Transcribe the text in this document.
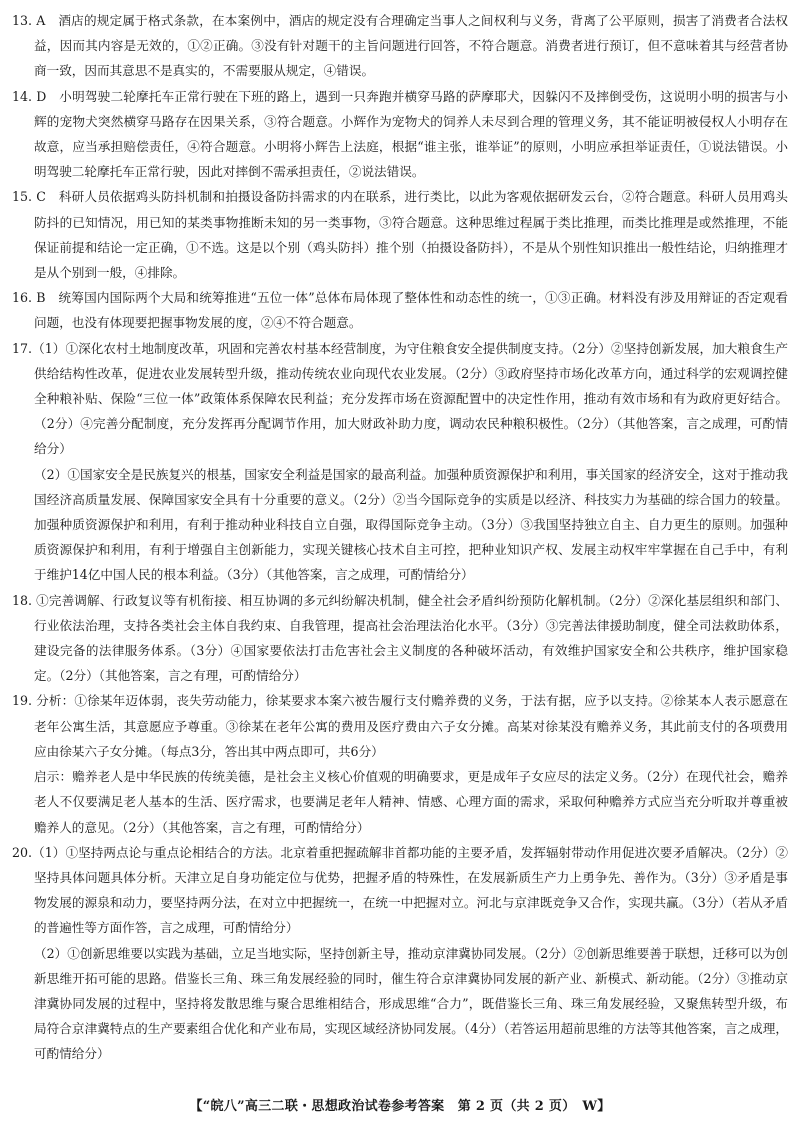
13. A　酒店的规定属于格式条款，在本案例中，酒店的规定没有合理确定当事人之间权利与义务，背离了公平原则，损害了消费者合法权益，因而其内容是无效的，①②正确。③没有针对题干的主旨问题进行回答，不符合题意。消费者进行预订，但不意味着其与经营者协商一致，因而其意思不是真实的，不需要服从规定，④错误。

14. D　小明驾驶二轮摩托车正常行驶在下班的路上，遇到一只奔跑并横穿马路的萨摩耶犬，因躲闪不及摔倒受伤，这说明小明的损害与小辉的宠物犬突然横穿马路存在因果关系，③符合题意。小辉作为宠物犬的饲养人未尽到合理的管理义务，其不能证明被侵权人小明存在故意，应当承担赔偿责任，④符合题意。小明将小辉告上法庭，根据“谁主张，谁举证”的原则，小明应承担举证责任，①说法错误。小明驾驶二轮摩托车正常行驶，因此对摔倒不需承担责任，②说法错误。

15. C　科研人员依据鸡头防抖机制和拍摄设备防抖需求的内在联系，进行类比，以此为客观依据研发云台，②符合题意。科研人员用鸡头防抖的已知情况，用已知的某类事物推断未知的另一类事物，③符合题意。这种思维过程属于类比推理，而类比推理是或然推理，不能保证前提和结论一定正确，①不选。这是以个别（鸡头防抖）推个别（拍摄设备防抖），不是从个别性知识推出一般性结论，归纳推理才是从个别到一般，④排除。

16. B　统筹国内国际两个大局和统筹推进“五位一体”总体布局体现了整体性和动态性的统一，①③正确。材料没有涉及用辩证的否定观看问题，也没有体现要把握事物发展的度，②④不符合题意。

17.（1）①深化农村土地制度改革，巩固和完善农村基本经营制度，为守住粮食安全提供制度支持。（2分）②坚持创新发展，加大粮食生产供给结构性改革，促进农业发展转型升级，推动传统农业向现代农业发展。（2分）③政府坚持市场化改革方向，通过科学的宏观调控健全种粮补贴、保险“三位一体”政策体系保障农民利益；充分发挥市场在资源配置中的决定性作用，推动有效市场和有为政府更好结合。（2分）④完善分配制度，充分发挥再分配调节作用，加大财政补助力度，调动农民种粮积极性。（2分）（其他答案，言之成理，可酌情给分）

（2）①国家安全是民族复兴的根基，国家安全利益是国家的最高利益。加强种质资源保护和利用，事关国家的经济安全，这对于推动我国经济高质量发展、保障国家安全具有十分重要的意义。（2分）②当今国际竞争的实质是以经济、科技实力为基础的综合国力的较量。加强种质资源保护和利用，有利于推动种业科技自立自强，取得国际竞争主动。（3分）③我国坚持独立自主、自力更生的原则。加强种质资源保护和利用，有利于增强自主创新能力，实现关键核心技术自主可控，把种业知识产权、发展主动权牢牢掌握在自己手中，有利于维护14亿中国人民的根本利益。（3分）（其他答案，言之成理，可酌情给分）

18. ①完善调解、行政复议等有机衔接、相互协调的多元纠纷解决机制，健全社会矛盾纠纷预防化解机制。（2分）②深化基层组织和部门、行业依法治理，支持各类社会主体自我约束、自我管理，提高社会治理法治化水平。（3分）③完善法律援助制度，健全司法救助体系，建设完备的法律服务体系。（3分）④国家要依法打击危害社会主义制度的各种破坏活动，有效维护国家安全和公共秩序，维护国家稳定。（2分）（其他答案，言之有理，可酌情给分）

19. 分析：①徐某年迈体弱，丧失劳动能力，徐某要求本案六被告履行支付赡养费的义务，于法有据，应予以支持。②徐某本人表示愿意在老年公寓生活，其意愿应予尊重。③徐某在老年公寓的费用及医疗费由六子女分摊。高某对徐某没有赡养义务，其此前支付的各项费用应由徐某六子女分摊。（每点3分，答出其中两点即可，共6分）

启示：赡养老人是中华民族的传统美德，是社会主义核心价值观的明确要求，更是成年子女应尽的法定义务。（2分）在现代社会，赡养老人不仅要满足老人基本的生活、医疗需求，也要满足老年人精神、情感、心理方面的需求，采取何种赡养方式应当充分听取并尊重被赡养人的意见。（2分）（其他答案，言之有理，可酌情给分）

20.（1）①坚持两点论与重点论相结合的方法。北京着重把握疏解非首都功能的主要矛盾，发挥辐射带动作用促进次要矛盾解决。（2分）②坚持具体问题具体分析。天津立足自身功能定位与优势，把握矛盾的特殊性，在发展新质生产力上勇争先、善作为。（3分）③矛盾是事物发展的源泉和动力，要坚持两分法，在对立中把握统一，在统一中把握对立。河北与京津既竞争又合作，实现共赢。（3分）（若从矛盾的普遍性等方面作答，言之成理，可酌情给分）

（2）①创新思维要以实践为基础，立足当地实际，坚持创新主导，推动京津冀协同发展。（2分）②创新思维要善于联想，迁移可以为创新思维开拓可能的思路。借鉴长三角、珠三角发展经验的同时，催生符合京津冀协同发展的新产业、新模式、新动能。（2分）③推动京津冀协同发展的过程中，坚持将发散思维与聚合思维相结合，形成思维“合力”，既借鉴长三角、珠三角发展经验，又聚焦转型升级，布局符合京津冀特点的生产要素组合优化和产业布局，实现区域经济协同发展。（4分）（若答运用超前思维的方法等其他答案，言之成理，可酌情给分）

【“皖八”高三二联・思想政治试卷参考答案　第 2 页（共 2 页）　W】
